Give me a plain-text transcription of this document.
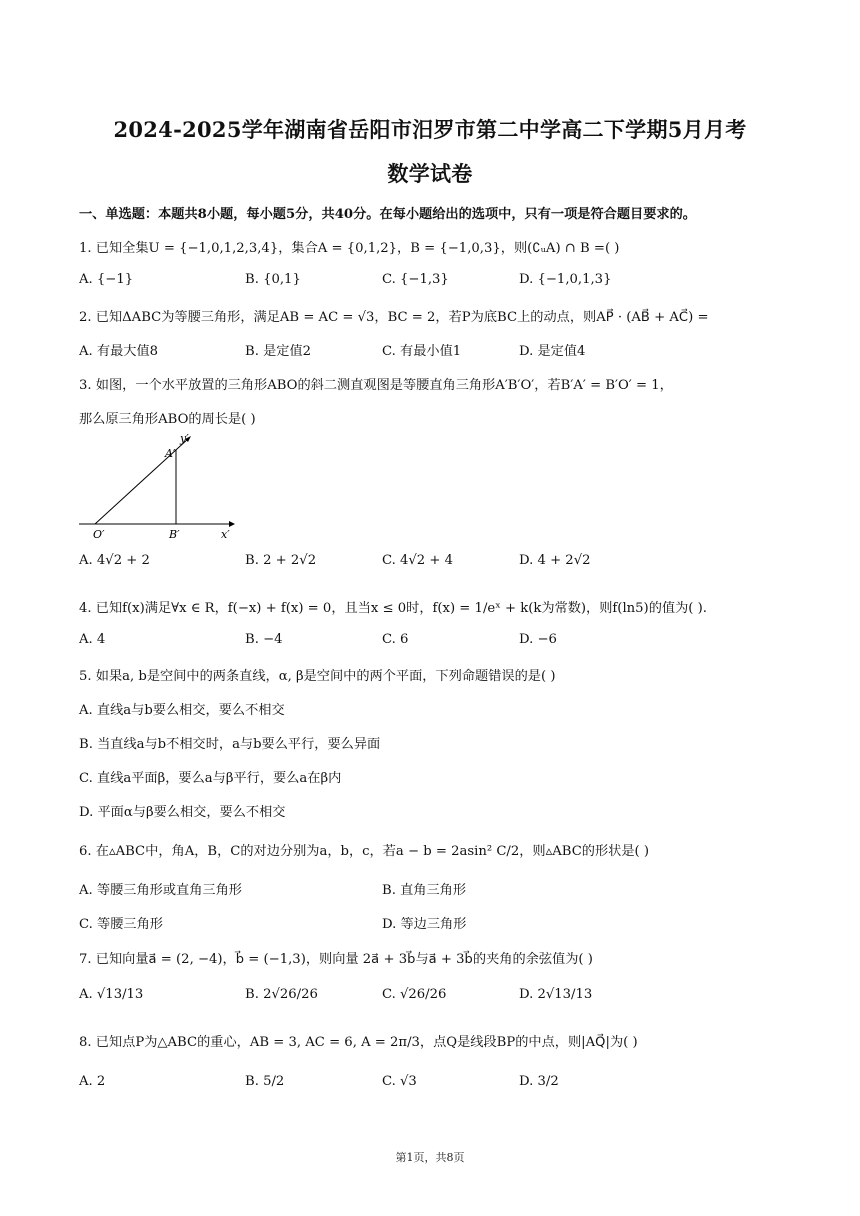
2024-2025学年湖南省岳阳市汨罗市第二中学高二下学期5月月考
数学试卷
一、单选题：本题共8小题，每小题5分，共40分。在每小题给出的选项中，只有一项是符合题目要求的。
1. 已知全集U = {−1,0,1,2,3,4}，集合A = {0,1,2}，B = {−1,0,3}，则(∁ᵤA) ∩ B =( )
A. {−1}	B. {0,1}	C. {−1,3}	D. {−1,0,1,3}
2. 已知ΔABC为等腰三角形，满足AB = AC = √3，BC = 2，若P为底BC上的动点，则AP⃗ · (AB⃗ + AC⃗) =
A. 有最大值8	B. 是定值2	C. 有最小值1	D. 是定值4
3. 如图，一个水平放置的三角形ABO的斜二测直观图是等腰直角三角形A′B′O′，若B′A′ = B′O′ = 1，
那么原三角形ABO的周长是( )
y′
A′
O′	B′	x′
A. 4√2 + 2	B. 2 + 2√2	C. 4√2 + 4	D. 4 + 2√2
4. 已知f(x)满足∀x ∈ R，f(−x) + f(x) = 0，且当x ≤ 0时，f(x) = 1/eˣ + k(k为常数)，则f(ln5)的值为( ).
A. 4	B. −4	C. 6	D. −6
5. 如果a, b是空间中的两条直线，α, β是空间中的两个平面，下列命题错误的是( )
A. 直线a与b要么相交，要么不相交
B. 当直线a与b不相交时，a与b要么平行，要么异面
C. 直线a平面β，要么a与β平行，要么a在β内
D. 平面α与β要么相交，要么不相交
6. 在▵ABC中，角A，B，C的对边分别为a，b，c，若a − b = 2asin² C/2，则▵ABC的形状是( )
A. 等腰三角形或直角三角形	B. 直角三角形
C. 等腰三角形	D. 等边三角形
7. 已知向量a⃗ = (2, −4)，b⃗ = (−1,3)，则向量 2a⃗ + 3b⃗与a⃗ + 3b⃗的夹角的余弦值为( )
A. √13/13	B. 2√26/26	C. √26/26	D. 2√13/13
8. 已知点P为△ABC的重心，AB = 3, AC = 6, A = 2π/3，点Q是线段BP的中点，则|AQ⃗|为( )
A. 2	B. 5/2	C. √3	D. 3/2
第1页，共8页
